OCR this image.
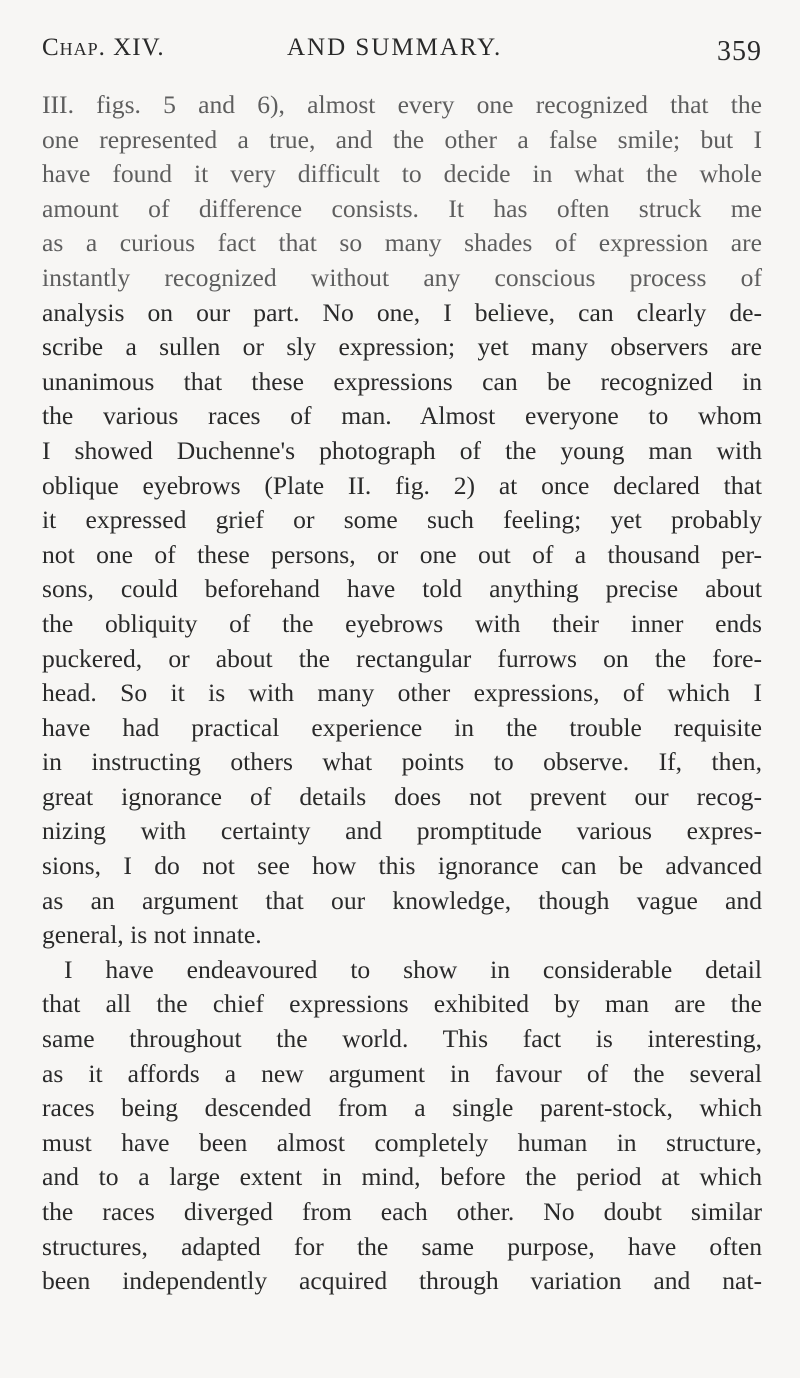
Chap. XIV.	AND SUMMARY.	359
III. figs. 5 and 6), almost every one recognized that the
one represented a true, and the other a false smile; but I
have found it very difficult to decide in what the whole
amount of difference consists. It has often struck me
as a curious fact that so many shades of expression are
instantly recognized without any conscious process of
analysis on our part. No one, I believe, can clearly de-
scribe a sullen or sly expression; yet many observers are
unanimous that these expressions can be recognized in
the various races of man. Almost everyone to whom
I showed Duchenne's photograph of the young man with
oblique eyebrows (Plate II. fig. 2) at once declared that
it expressed grief or some such feeling; yet probably
not one of these persons, or one out of a thousand per-
sons, could beforehand have told anything precise about
the obliquity of the eyebrows with their inner ends
puckered, or about the rectangular furrows on the fore-
head. So it is with many other expressions, of which I
have had practical experience in the trouble requisite
in instructing others what points to observe. If, then,
great ignorance of details does not prevent our recog-
nizing with certainty and promptitude various expres-
sions, I do not see how this ignorance can be advanced
as an argument that our knowledge, though vague and
general, is not innate.
I have endeavoured to show in considerable detail
that all the chief expressions exhibited by man are the
same throughout the world. This fact is interesting,
as it affords a new argument in favour of the several
races being descended from a single parent-stock, which
must have been almost completely human in structure,
and to a large extent in mind, before the period at which
the races diverged from each other. No doubt similar
structures, adapted for the same purpose, have often
been independently acquired through variation and nat-
